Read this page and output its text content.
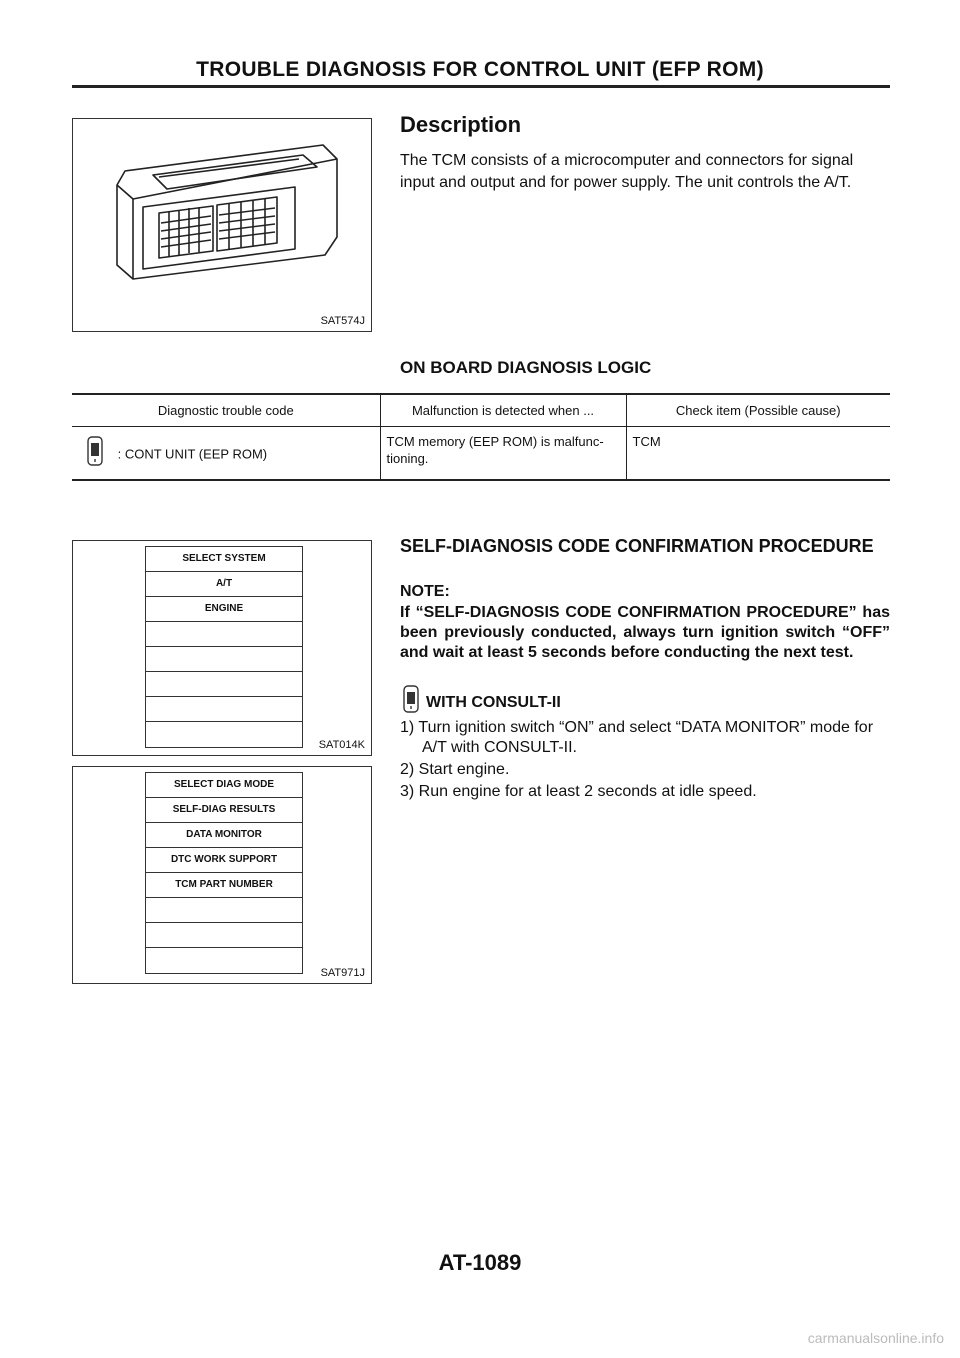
TROUBLE DIAGNOSIS FOR CONTROL UNIT (EFP ROM)
SAT574J
Description
The TCM consists of a microcomputer and connectors for signal input and output and for power supply. The unit controls the A/T.
ON BOARD DIAGNOSIS LOGIC
Diagnostic trouble code	Malfunction is detected when ...	Check item (Possible cause)
: CONT UNIT (EEP ROM)	TCM memory (EEP ROM) is malfunc-tioning.	TCM
SELECT SYSTEM
A/T
ENGINE
SAT014K
SELECT DIAG MODE
SELF-DIAG RESULTS
DATA MONITOR
DTC WORK SUPPORT
TCM PART NUMBER
SAT971J
SELF-DIAGNOSIS CODE CONFIRMATION PROCEDURE
NOTE:
If “SELF-DIAGNOSIS CODE CONFIRMATION PROCEDURE” has been previously conducted, always turn ignition switch “OFF” and wait at least 5 seconds before conducting the next test.
WITH CONSULT-II
1) Turn ignition switch “ON” and select “DATA MONITOR” mode for A/T with CONSULT-II.
2) Start engine.
3) Run engine for at least 2 seconds at idle speed.
AT-1089
carmanualsonline.info
